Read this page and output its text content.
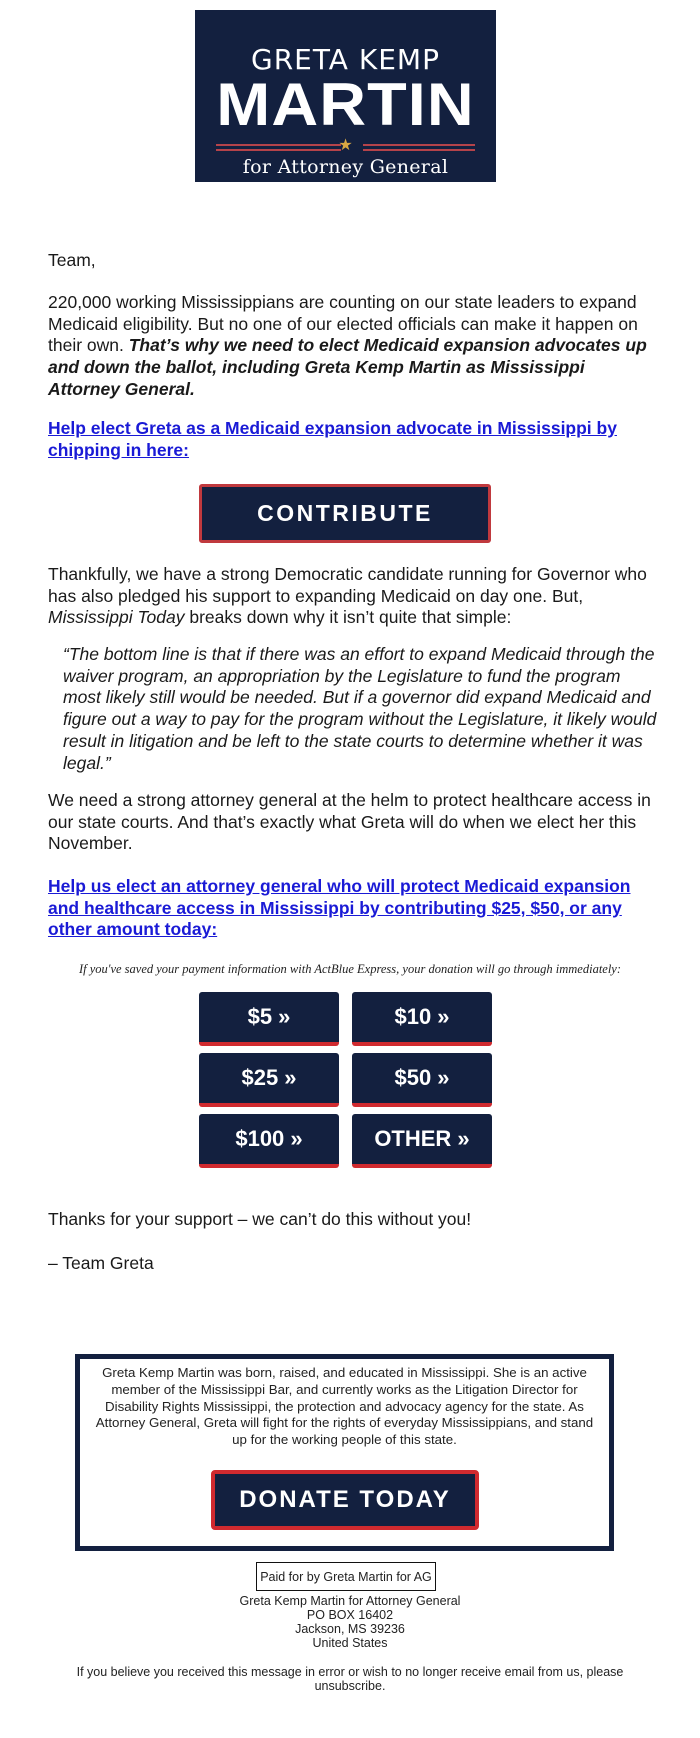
GRETA KEMP
MARTIN
★
for Attorney General

Team,

220,000 working Mississippians are counting on our state leaders to expand Medicaid eligibility. But no one of our elected officials can make it happen on their own. That’s why we need to elect Medicaid expansion advocates up and down the ballot, including Greta Kemp Martin as Mississippi Attorney General.

Help elect Greta as a Medicaid expansion advocate in Mississippi by chipping in here:

CONTRIBUTE

Thankfully, we have a strong Democratic candidate running for Governor who has also pledged his support to expanding Medicaid on day one. But, Mississippi Today breaks down why it isn’t quite that simple:

“The bottom line is that if there was an effort to expand Medicaid through the waiver program, an appropriation by the Legislature to fund the program most likely still would be needed. But if a governor did expand Medicaid and figure out a way to pay for the program without the Legislature, it likely would result in litigation and be left to the state courts to determine whether it was legal.”

We need a strong attorney general at the helm to protect healthcare access in our state courts. And that’s exactly what Greta will do when we elect her this November.

Help us elect an attorney general who will protect Medicaid expansion and healthcare access in Mississippi by contributing $25, $50, or any other amount today:

If you've saved your payment information with ActBlue Express, your donation will go through immediately:
$5 »	$10 »
$25 »	$50 »
$100 »	OTHER »

Thanks for your support – we can’t do this without you!

– Team Greta

Greta Kemp Martin was born, raised, and educated in Mississippi. She is an active member of the Mississippi Bar, and currently works as the Litigation Director for Disability Rights Mississippi, the protection and advocacy agency for the state. As Attorney General, Greta will fight for the rights of everyday Mississippians, and stand up for the working people of this state.

DONATE TODAY
Paid for by Greta Martin for AG
Greta Kemp Martin for Attorney General
PO BOX 16402
Jackson, MS 39236
United States
If you believe you received this message in error or wish to no longer receive email from us, please unsubscribe.
